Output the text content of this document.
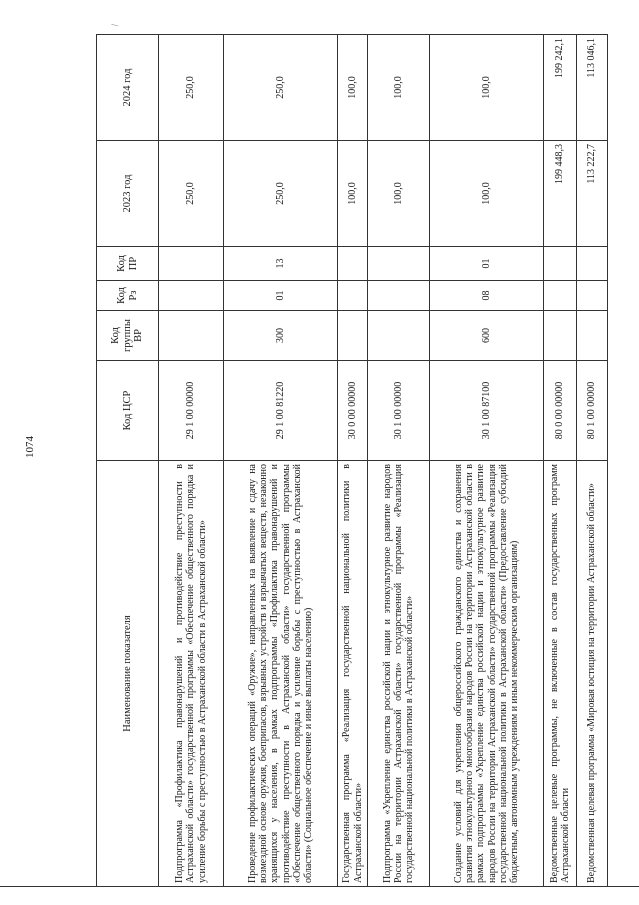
1074
\
Наименование показателя	Код ЦСР	Код группы ВР	Код Рз	Код ПР	2023 год	2024 год
Подпрограмма «Профилактика правонарушений и противодействие преступности в Астраханской области» государственной программы «Обеспечение общественного порядка и усиление борьбы с преступностью в Астраханской области в Астраханской области»	29 1 00 00000				250,0	250,0
Проведение профилактических операций «Оружие», направленных на выявление и сдачу на возмездной основе оружия, боеприпасов, взрывных устройств и взрывчатых веществ, незаконно хранящихся у населения, в рамках подпрограммы «Профилактика правонарушений и противодействие преступности в Астраханской области» государственной программы «Обеспечение общественного порядка и усиление борьбы с преступностью в Астраханской области» (Социальное обеспечение и иные выплаты населению)	29 1 00 81220	300	01	13	250,0	250,0
Государственная программа «Реализация государственной национальной политики в Астраханской области»	30 0 00 00000				100,0	100,0
Подпрограмма «Укрепление единства российской нации и этнокультурное развитие народов России на территории Астраханской области» государственной программы «Реализация государственной национальной политики в Астраханской области»	30 1 00 00000				100,0	100,0
Создание условий для укрепления общероссийского гражданского единства и сохранения развития этнокультурного многообразия народов России на территории Астраханской области в рамках подпрограммы «Укрепление единства российской нации и этнокультурное развитие народов России на территории Астраханской области» государственной программы «Реализация государственной национальной политики в Астраханской области» (Предоставление субсидий бюджетным, автономным учреждениям и иным некоммерческим организациям)	30 1 00 87100	600	08	01	100,0	100,0
Ведомственные целевые программы, не включенные в состав государственных программ Астраханской области	80 0 00 00000				199 448,3	199 242,1
Ведомственная целевая программа «Мировая юстиция на территории Астраханской области»	80 1 00 00000				113 222,7	113 046,1
